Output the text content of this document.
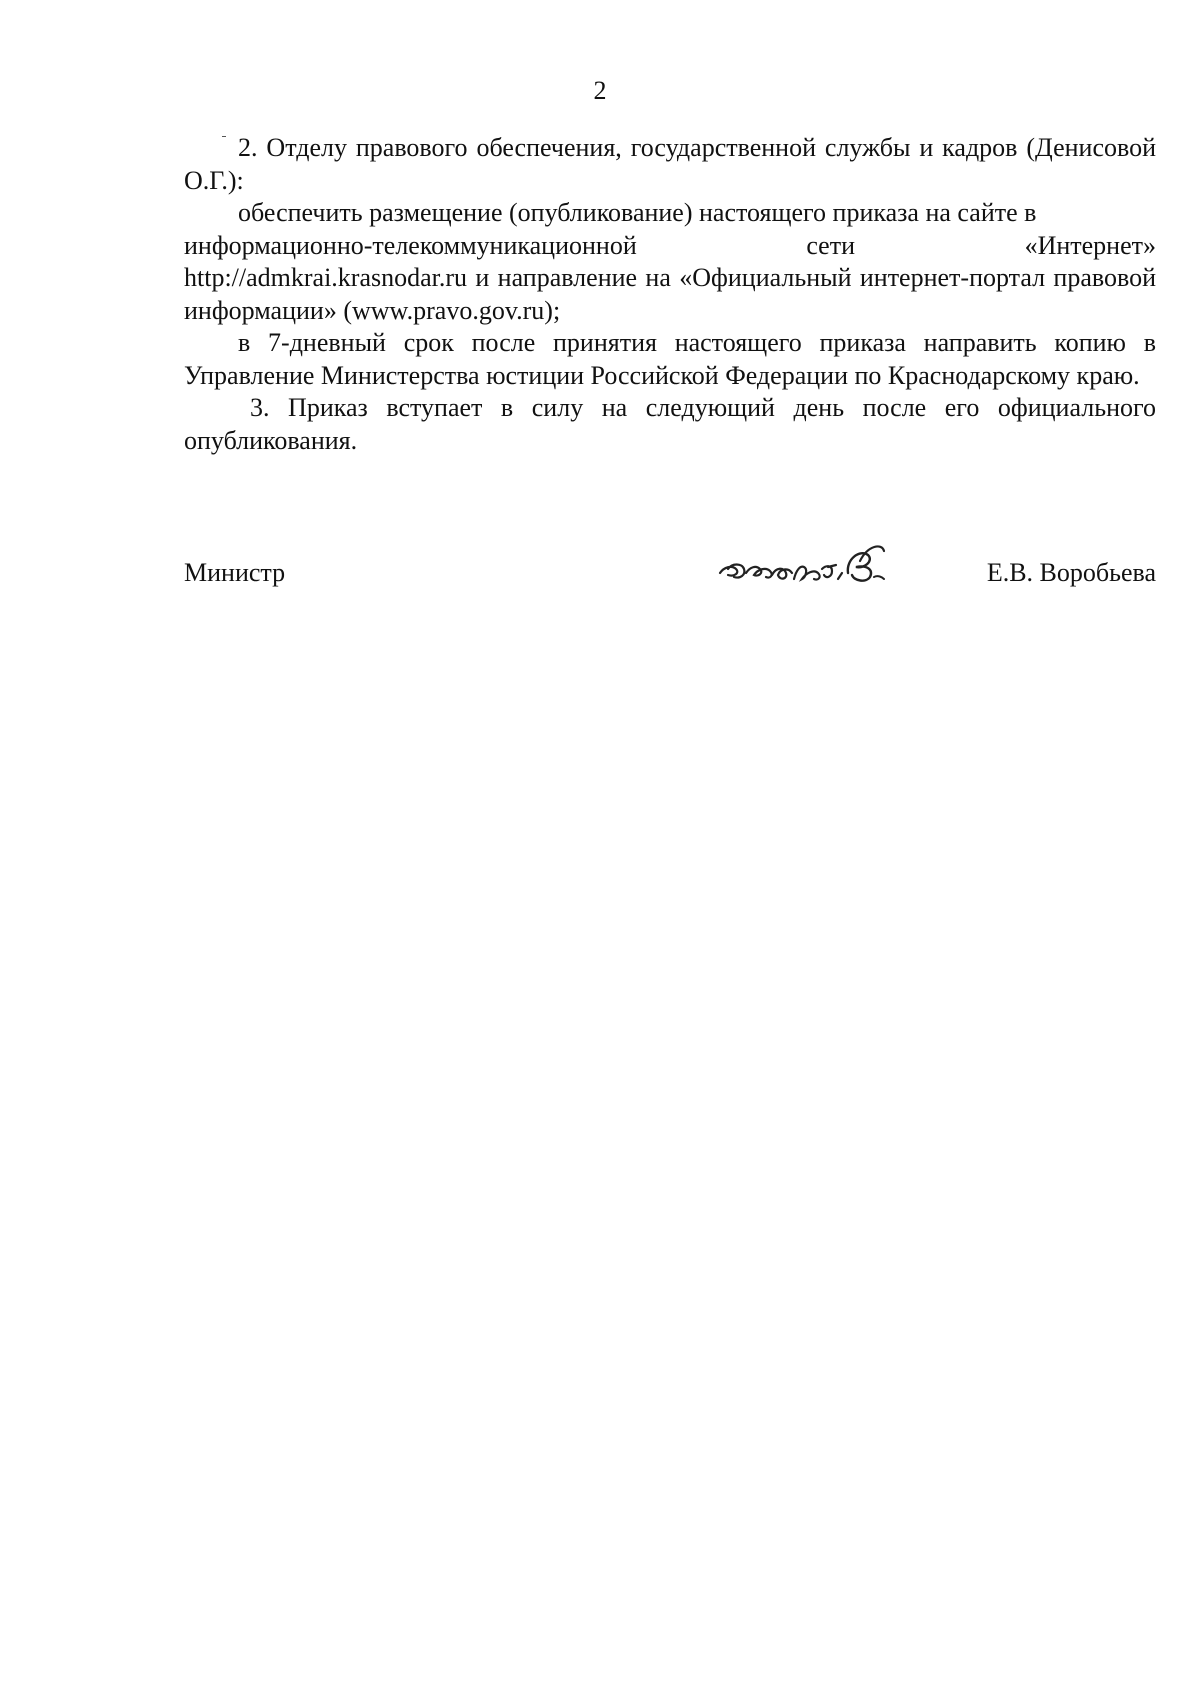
2

2. Отделу правового обеспечения, государственной службы и кадров (Денисовой О.Г.):

обеспечить размещение (опубликование) настоящего приказа на сайте в
информационно-телекоммуникационной	сети	«Интернет»
http://admkrai.krasnodar.ru и направление на «Официальный интернет-портал правовой информации» (www.pravo.gov.ru);

в 7-дневный срок после принятия настоящего приказа направить копию в Управление Министерства юстиции Российской Федерации по Краснодарскому краю.

3. Приказ вступает в силу на следующий день после его официального опубликования.

Министр	Е.В. Воробьева
